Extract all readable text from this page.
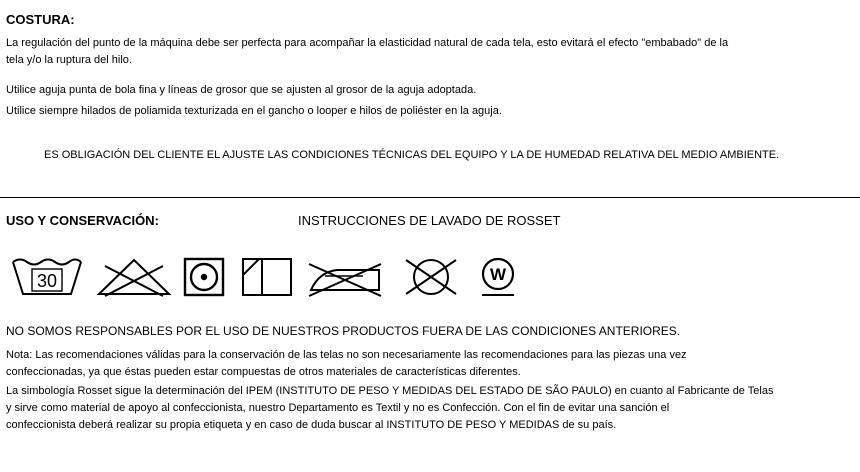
COSTURA:
La regulación del punto de la máquina debe ser perfecta para acompañar la elasticidad natural de cada tela, esto evitará el efecto "embabado" de la
tela y/o la ruptura del hilo.
Utilice aguja punta de bola fina y líneas de grosor que se ajusten al grosor de la aguja adoptada.
Utilice siempre hilados de poliamida texturizada en el gancho o looper e hilos de poliéster en la aguja.
ES OBLIGACIÓN DEL CLIENTE EL AJUSTE LAS CONDICIONES TÉCNICAS DEL EQUIPO Y LA DE HUMEDAD RELATIVA DEL MEDIO AMBIENTE.
USO Y CONSERVACIÓN:	INSTRUCCIONES DE LAVADO DE ROSSET
30	W
NO SOMOS RESPONSABLES POR EL USO DE NUESTROS PRODUCTOS FUERA DE LAS CONDICIONES ANTERIORES.
Nota: Las recomendaciones válidas para la conservación de las telas no son necesariamente las recomendaciones para las piezas una vez
confeccionadas, ya que éstas pueden estar compuestas de otros materiales de características diferentes.
La simbología Rosset sigue la determinación del IPEM (INSTITUTO DE PESO Y MEDIDAS DEL ESTADO DE SÃO PAULO) en cuanto al Fabricante de Telas
y sirve como material de apoyo al confeccionista, nuestro Departamento es Textil y no es Confección. Con el fin de evitar una sanción el
confeccionista deberá realizar su propia etiqueta y en caso de duda buscar al INSTITUTO DE PESO Y MEDIDAS de su país.
